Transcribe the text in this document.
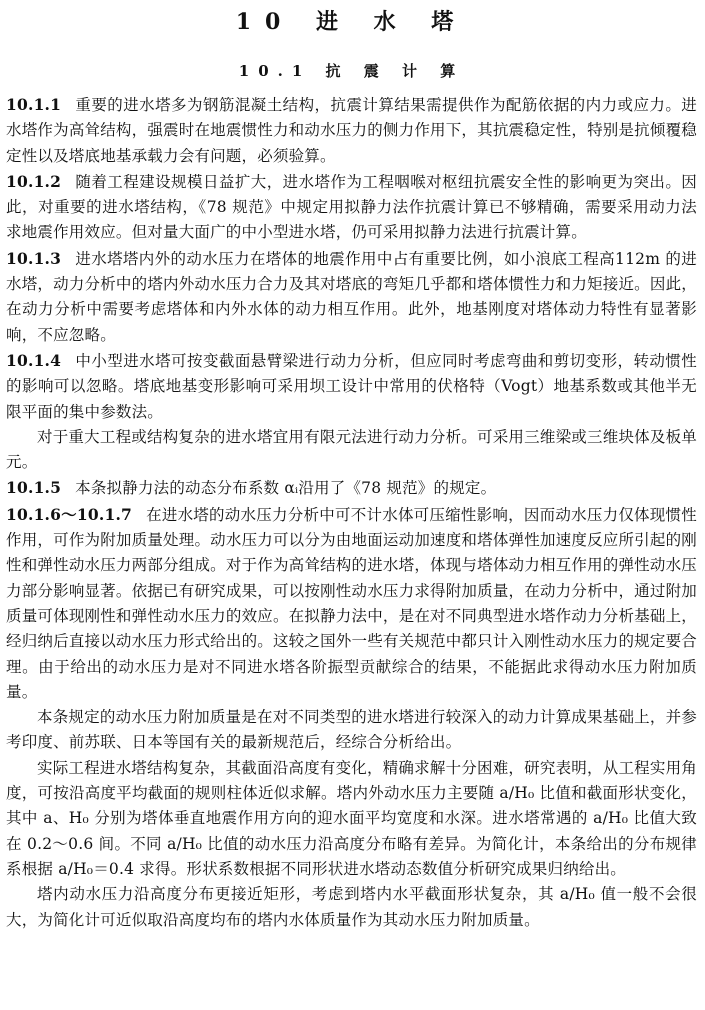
10 进 水 塔
10.1 抗 震 计 算

10.1.1 重要的进水塔多为钢筋混凝土结构，抗震计算结果需提供作为配筋依据的内力或应力。进水塔作为高耸结构，强震时在地震惯性力和动水压力的侧力作用下，其抗震稳定性，特别是抗倾覆稳定性以及塔底地基承载力会有问题，必须验算。

10.1.2 随着工程建设规模日益扩大，进水塔作为工程咽喉对枢纽抗震安全性的影响更为突出。因此，对重要的进水塔结构，《78 规范》中规定用拟静力法作抗震计算已不够精确，需要采用动力法求地震作用效应。但对量大面广的中小型进水塔，仍可采用拟静力法进行抗震计算。

10.1.3 进水塔塔内外的动水压力在塔体的地震作用中占有重要比例，如小浪底工程高112m 的进水塔，动力分析中的塔内外动水压力合力及其对塔底的弯矩几乎都和塔体惯性力和力矩接近。因此，在动力分析中需要考虑塔体和内外水体的动力相互作用。此外，地基刚度对塔体动力特性有显著影响，不应忽略。

10.1.4 中小型进水塔可按变截面悬臂梁进行动力分析，但应同时考虑弯曲和剪切变形，转动惯性的影响可以忽略。塔底地基变形影响可采用坝工设计中常用的伏格特（Vogt）地基系数或其他半无限平面的集中参数法。

对于重大工程或结构复杂的进水塔宜用有限元法进行动力分析。可采用三维梁或三维块体及板单元。

10.1.5 本条拟静力法的动态分布系数 αᵢ沿用了《78 规范》的规定。

10.1.6～10.1.7 在进水塔的动水压力分析中可不计水体可压缩性影响，因而动水压力仅体现惯性作用，可作为附加质量处理。动水压力可以分为由地面运动加速度和塔体弹性加速度反应所引起的刚性和弹性动水压力两部分组成。对于作为高耸结构的进水塔，体现与塔体动力相互作用的弹性动水压力部分影响显著。依据已有研究成果，可以按刚性动水压力求得附加质量，在动力分析中，通过附加质量可体现刚性和弹性动水压力的效应。在拟静力法中，是在对不同典型进水塔作动力分析基础上，经归纳后直接以动水压力形式给出的。这较之国外一些有关规范中都只计入刚性动水压力的规定要合理。由于给出的动水压力是对不同进水塔各阶振型贡献综合的结果，不能据此求得动水压力附加质量。

本条规定的动水压力附加质量是在对不同类型的进水塔进行较深入的动力计算成果基础上，并参考印度、前苏联、日本等国有关的最新规范后，经综合分析给出。

实际工程进水塔结构复杂，其截面沿高度有变化，精确求解十分困难，研究表明，从工程实用角度，可按沿高度平均截面的规则柱体近似求解。塔内外动水压力主要随 a/H₀ 比值和截面形状变化，其中 a、H₀ 分别为塔体垂直地震作用方向的迎水面平均宽度和水深。进水塔常遇的 a/H₀ 比值大致在 0.2～0.6 间。不同 a/H₀ 比值的动水压力沿高度分布略有差异。为简化计，本条给出的分布规律系根据 a/H₀＝0.4 求得。形状系数根据不同形状进水塔动态数值分析研究成果归纳给出。

塔内动水压力沿高度分布更接近矩形，考虑到塔内水平截面形状复杂，其 a/H₀ 值一般不会很大，为简化计可近似取沿高度均布的塔内水体质量作为其动水压力附加质量。
